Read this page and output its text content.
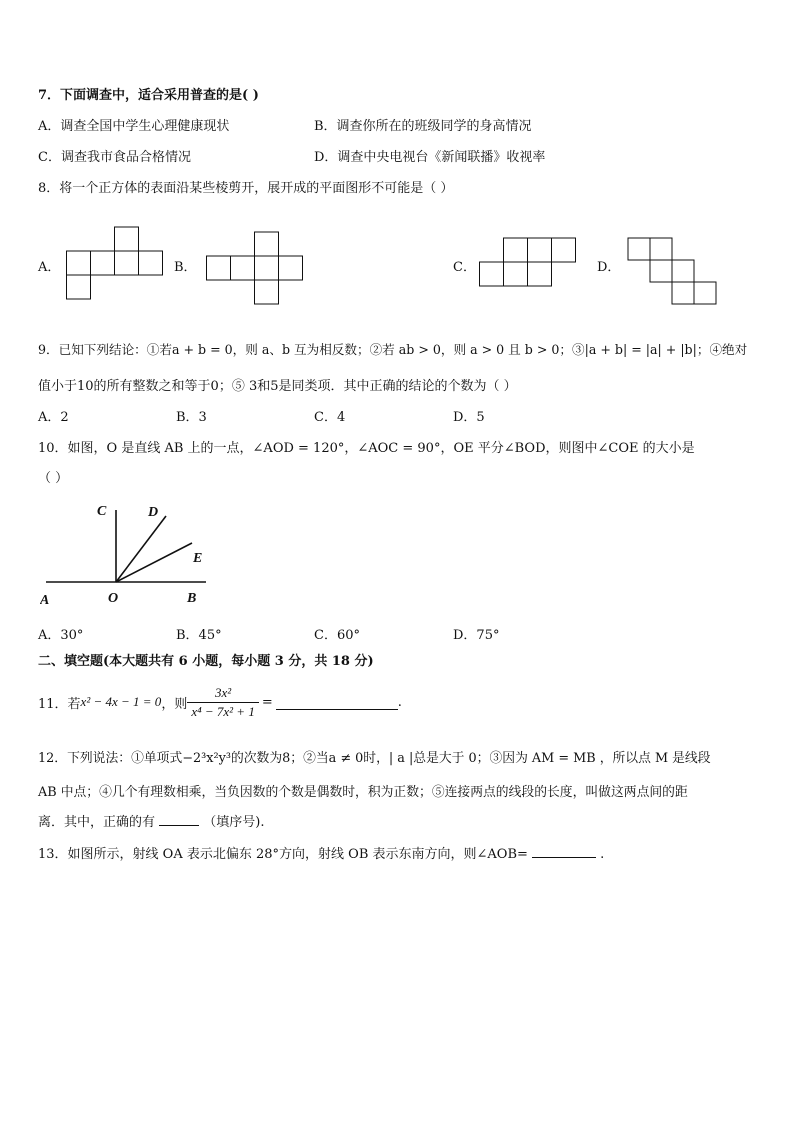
7．下面调查中，适合采用普查的是( )
A．调查全国中学生心理健康现状	B．调查你所在的班级同学的身高情况
C．调查我市食品合格情况	D．调查中央电视台《新闻联播》收视率
8．将一个正方体的表面沿某些棱剪开，展开成的平面图形不可能是（ ）
A．	B．	C．	D．
9．已知下列结论：①若a + b = 0，则 a、b 互为相反数；②若 ab > 0，则 a > 0 且 b > 0；③|a + b| = |a| + |b|；④绝对
值小于10的所有整数之和等于0；⑤ 3和5是同类项．其中正确的结论的个数为（ ）
A．2	B．3	C．4	D．5
10．如图，O 是直线 AB 上的一点，∠AOD = 120°，∠AOC = 90°，OE 平分∠BOD，则图中∠COE 的大小是
（ ）
C	D
E
A	O	B
A．30°	B．45°	C．60°	D．75°
二、填空题(本大题共有 6 小题，每小题 3 分，共 18 分)
11．若 x² − 4x − 1 = 0 ，则 $\frac{\text{3x²}}{\text{x⁴ − 7x² + 1}}$ =	.
12．下列说法：①单项式−2³x²y³的次数为8；②当a ≠ 0时，| a |总是大于 0；③因为 AM = MB ，所以点 M 是线段
AB 中点；④几个有理数相乘，当负因数的个数是偶数时，积为正数；⑤连接两点的线段的长度，叫做这两点间的距
离．其中，正确的有	（填序号).
13．如图所示，射线 OA 表示北偏东 28°方向，射线 OB 表示东南方向，则∠AOB=	.
